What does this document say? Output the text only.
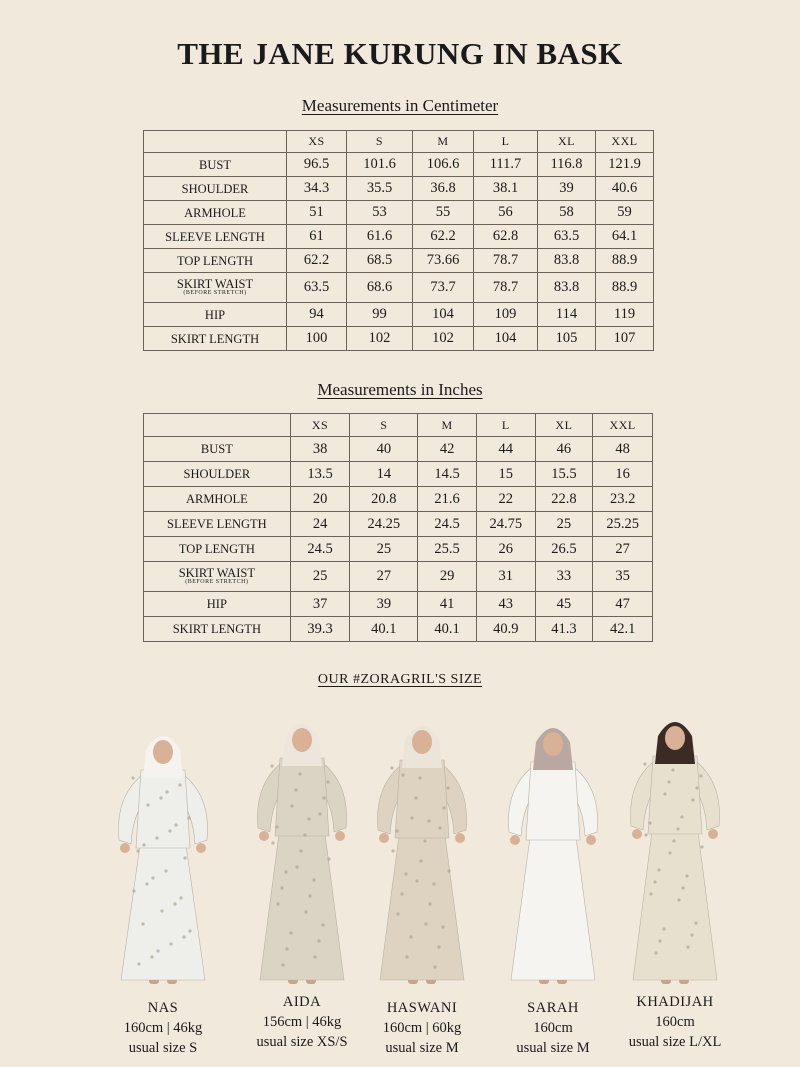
THE JANE KURUNG IN BASK
Measurements in Centimeter
	XS	S	M	L	XL	XXL
BUST	96.5	101.6	106.6	111.7	116.8	121.9
SHOULDER	34.3	35.5	36.8	38.1	39	40.6
ARMHOLE	51	53	55	56	58	59
SLEEVE LENGTH	61	61.6	62.2	62.8	63.5	64.1
TOP LENGTH	62.2	68.5	73.66	78.7	83.8	88.9
SKIRT WAIST
(BEFORE STRETCH)	63.5	68.6	73.7	78.7	83.8	88.9
HIP	94	99	104	109	114	119
SKIRT LENGTH	100	102	102	104	105	107
Measurements in Inches
	XS	S	M	L	XL	XXL
BUST	38	40	42	44	46	48
SHOULDER	13.5	14	14.5	15	15.5	16
ARMHOLE	20	20.8	21.6	22	22.8	23.2
SLEEVE LENGTH	24	24.25	24.5	24.75	25	25.25
TOP LENGTH	24.5	25	25.5	26	26.5	27
SKIRT WAIST
(BEFORE STRETCH)	25	27	29	31	33	35
HIP	37	39	41	43	45	47
SKIRT LENGTH	39.3	40.1	40.1	40.9	41.3	42.1
OUR #ZORAGRIL'S SIZE
NAS
160cm | 46kg
usual size S
AIDA
156cm | 46kg
usual size XS/S
HASWANI
160cm | 60kg
usual size M
SARAH
160cm
usual size M
KHADIJAH
160cm
usual size L/XL
